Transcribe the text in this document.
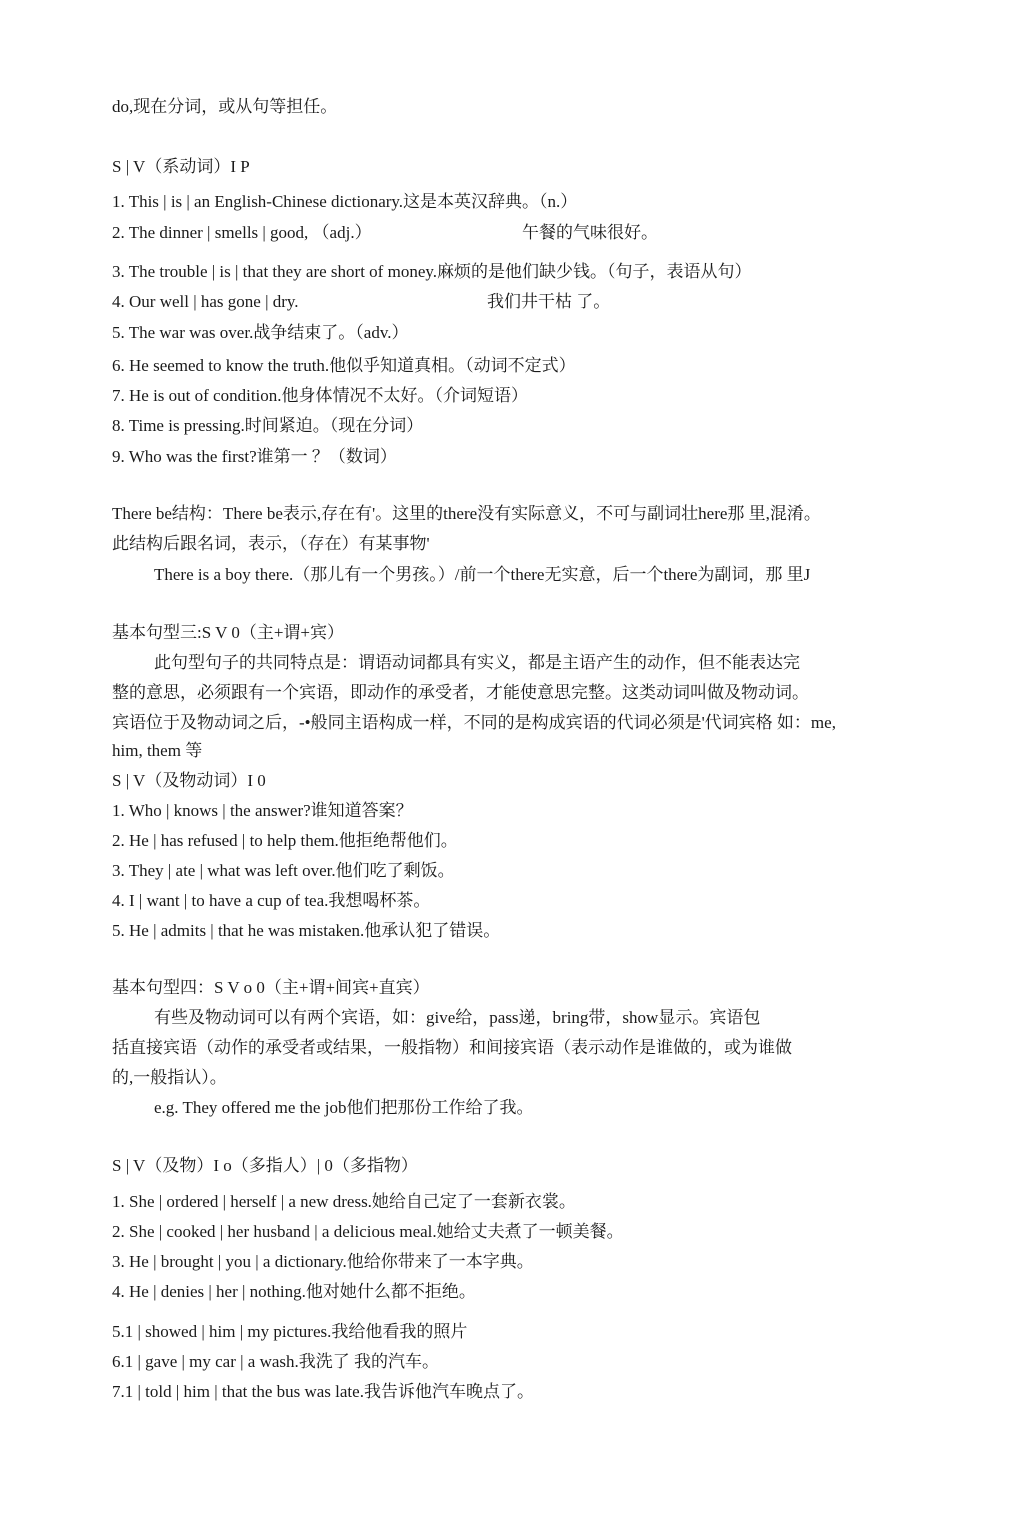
do,现在分词，或从句等担任。
S | V（系动词）I P
1. This | is | an English-Chinese dictionary.这是本英汉辞典。（n.）
2. The dinner | smells | good, （adj.）	午餐的气味很好。
3. The trouble | is | that they are short of money.麻烦的是他们缺少钱。（句子，表语从句）
4. Our well | has gone | dry.	我们井干枯 了。
5. The war was over.战争结束了。（adv.）
6. He seemed to know the truth.他似乎知道真相。（动词不定式）
7. He is out of condition.他身体情况不太好。（介词短语）
8. Time is pressing.时间紧迫。（现在分词）
9. Who was the first?谁第一 ？（数词）
There be结构：There be表示,存在有'。这里的there没有实际意义，不可与副词壮here那 里,混淆。
此结构后跟名词，表示，（存在）有某事物'
There is a boy there.（那儿有一个男孩。）/前一个there无实意，后一个there为副词，那 里J
基本句型三:S V 0（主+谓+宾）
此句型句子的共同特点是：谓语动词都具有实义，都是主语产生的动作，但不能表达完
整的意思，必须跟有一个宾语，即动作的承受者，才能使意思完整。这类动词叫做及物动词。
宾语位于及物动词之后，-•般同主语构成一样，不同的是构成宾语的代词必须是'代词宾格 如：me,
him, them 等
S | V（及物动词）I 0
1. Who | knows | the answer?谁知道答案？
2. He | has refused | to help them.他拒绝帮他们。
3. They | ate | what was left over.他们吃了剩饭。
4. I | want | to have a cup of tea.我想喝杯茶。
5. He | admits | that he was mistaken.他承认犯了错误。
基本句型四：S V o 0（主+谓+间宾+直宾）
有些及物动词可以有两个宾语，如：give给，pass递，bring带，show显示。宾语包
括直接宾语（动作的承受者或结果，一般指物）和间接宾语（表示动作是谁做的，或为谁做
的,一般指认）。
e.g. They offered me the job他们把那份工作给了我。
S | V（及物）I o（多指人）| 0（多指物）
1. She | ordered | herself | a new dress.她给自己定了一套新衣裳。
2. She | cooked | her husband | a delicious meal.她给丈夫煮了一顿美餐。
3. He | brought | you | a dictionary.他给你带来了一本字典。
4. He | denies | her | nothing.他对她什么都不拒绝。
5.1 | showed | him | my pictures.我给他看我的照片
6.1 | gave | my car | a wash.我洗了 我的汽车。
7.1 | told | him | that the bus was late.我告诉他汽车晚点了。
